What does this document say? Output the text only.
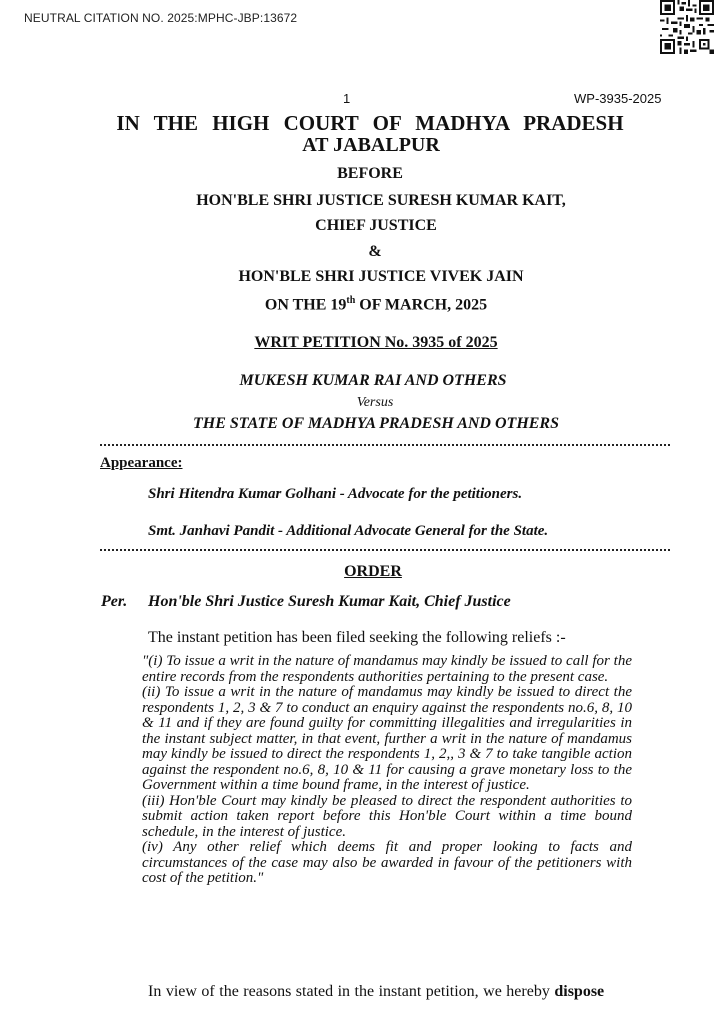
NEUTRAL CITATION NO. 2025:MPHC-JBP:13672
1	WP-3935-2025
IN THE HIGH COURT OF MADHYA PRADESH
AT JABALPUR
BEFORE
HON'BLE SHRI JUSTICE SURESH KUMAR KAIT,
CHIEF JUSTICE
&
HON'BLE SHRI JUSTICE VIVEK JAIN
ON THE 19th OF MARCH, 2025
WRIT PETITION No. 3935 of 2025
MUKESH KUMAR RAI AND OTHERS
Versus
THE STATE OF MADHYA PRADESH AND OTHERS
Appearance:
Shri Hitendra Kumar Golhani - Advocate for the petitioners.
Smt. Janhavi Pandit - Additional Advocate General for the State.
ORDER
Per. Hon'ble Shri Justice Suresh Kumar Kait, Chief Justice
The instant petition has been filed seeking the following reliefs :-

"(i) To issue a writ in the nature of mandamus may kindly be issued to call for the entire records from the respondents authorities pertaining to the present case.

(ii) To issue a writ in the nature of mandamus may kindly be issued to direct the respondents 1, 2, 3 & 7 to conduct an enquiry against the respondents no.6, 8, 10 & 11 and if they are found guilty for committing illegalities and irregularities in the instant subject matter, in that event, further a writ in the nature of mandamus may kindly be issued to direct the respondents 1, 2,, 3 & 7 to take tangible action against the respondent no.6, 8, 10 & 11 for causing a grave monetary loss to the Government within a time bound frame, in the interest of justice.

(iii) Hon'ble Court may kindly be pleased to direct the respondent authorities to submit action taken report before this Hon'ble Court within a time bound schedule, in the interest of justice.

(iv) Any other relief which deems fit and proper looking to facts and circumstances of the case may also be awarded in favour of the petitioners with cost of the petition."

In view of the reasons stated in the instant petition, we hereby dispose
